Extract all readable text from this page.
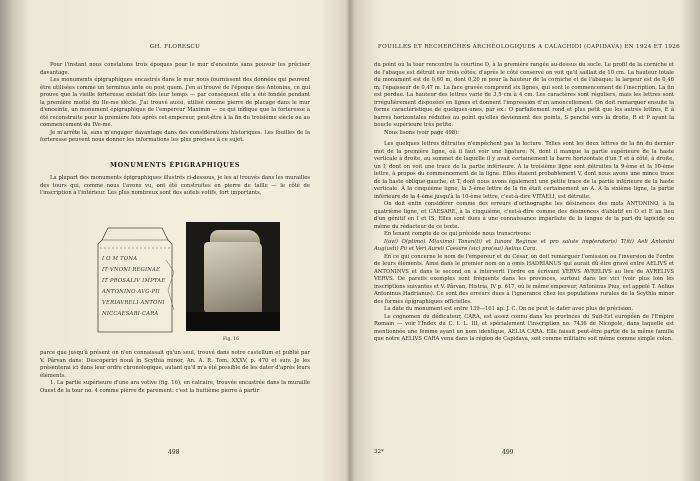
GH. FLORESCU

Pour l'instant nous constatons trois époques pour le mur d'enceinte sans pouvoir les préciser davantage.

Les monuments épigraphiques encastrés dans le mur nous fournissent des données qui peuvent être utilisées comme un terminus ante ou post quem. J'en ai trouvé de l'époque des Antonins, ce qui prouve que la vieille forteresse existait dès leur temps — par conséquent elle a été fondée pendant la première moitié du IIe-me siècle. J'ai trouvé aussi, utilisé comme pierre de placage dans le mur d'enceinte, un monument épigraphique de l'empereur Maximin — ce qui indique que la forteresse a été reconstruite pour la première fois après cet empereur, peut-être à la fin du troisième siècle ou au commencement du IVe-me.

Je m'arrête là, sans m'engager davantage dans des considérations historiques. Les fouilles de la forteresse peuvent nous donner les informations les plus précises à ce sujet.

MONUMENTS ÉPIGRAPHIQUES

La plupart des monuments épigraphiques illustrés ci-dessous, je les ai trouvés dans les murailles des tours qui, comme nous l'avons vu, ont été construites en pierre de taille — le côté de l'inscription à l'intérieur. Les plus nombreux sont des autels votifs, fort importants,

I O M TONA
IT·VNONI REGINAE
IT PROSALIV IMPTAE
ANTONINO·AVG·PII
VERIAVRELI·ANTONI
NICCAESARI·CARA
Fig. 16

parce que jusqu'à présent on n'en connaissait qu'un seul, trouvé dans notre castellum et publié par V. Pârvan dans: Descoperiri nouă în Scythia minor, An. A. R. Tom. XXXV, p. 470 et suiv. Je les présenterai ici dans leur ordre chronologique, autant qu'il m'a été possible de les dater d'après leurs éléments.

1. La partie supérieure d'une ara votive (fig. 16), en calcaire, trouvée encastrée dans la muraille Ouest de la tour no. 4 comme pierre de parement: c'est la huitième pierre à partir

498
FOUILLES ET RECHERCHES ARCHÉOLOGIQUES A CALACHIOI (CAPIDAVA) EN 1924 ET 1926

du point où la tour rencontre la courtine D, à la première rangée au-dessus du socle. Le profil de la corniche et de l'abaque est détruit sur trois côtés; d'après le côté conservé on voit qu'il saillait de 10 cm. La hauteur totale du monument est de 0,60 m, dont 0,20 m pour la hauteur de la corniche et de l'abaque; la largeur est de 0,46 m; l'épaisseur de 0,47 m. La face gravée comprend six lignes, qui sont le commencement de l'inscription. La fin est perdue. La hauteur des lettres varie de 3,5 cm à 4 cm. Les caractères sont réguliers, mais les lettres sont irrégulièrement disposées en lignes et donnent l'impression d'un amoncellement. On doit remarquer ensuite la forme caractéristique de quelques-unes, par ex.: O parfaitement rond et plus petit que les autres lettres, E à barres horizontales réduites au point qu'elles deviennent des points, S penché vers la droite, R et P ayant la boucle supérieure très petite.

Nous lisons (voir page 498):

Les quelques lettres détruites n'empêchent pas la lecture. Telles sont les deux lettres de la fin du dernier mot de la première ligne, où il faut voir une ligature: N, dont il manque la partie supérieure de la haste verticale à droite, au sommet de laquelle il y avait certainement la barre horizontale d'un T et à côté, à droite, un I, dont on voit une trace de la partie inférieure. À la troisième ligne sont détruites la 9-ème et la 10-ème lettre, à propos du commencement de la ligne. Elles étaient probablement V, dont nous avons une mince trace de la haste oblique gauche, et T, dont nous avons également une petite trace de la partie inférieure de la haste verticale. À la cinquième ligne, la 3-ème lettre de la fin était certainement un A. À la sixième ligne, la partie inférieure de la 4-ème jusqu'à la 10-ème lettre, c'est-à-dire VITAELI, est détruite.

On doit enfin considérer comme des erreurs d'orthographe les désinences des mots ANTONINO, à la quatrième ligne, et CAESARE, à la cinquième, c'est-à-dire comme des désinences d'ablatif en O et E au lieu d'un génitif en I et IS. Elles sont dues à une connaissance imparfaite de la langue de la part du lapicide ou même du rédacteur de ce texte.

En tenant compte de ce qui précède nous transcrivons:

I(ovi) O(ptimo) M(aximo) Tonan(ti) et Iunoni Reginae et pro salute imp(eratoris) T(iti) Aeli Antonini Aug(usti) Pii et Veri Aureli Caesare (sic) pro(sui) Aelius Cara.

En ce qui concerne le nom de l'empereur et du César, on doit remarquer l'omission ou l'inversion de l'ordre de leurs éléments. Ainsi dans le premier nom on a omis HADRIANUS qui aurait dû être gravé entre AELIVS et ANTONINVS et dans le second on a interverti l'ordre en écrivant VERVS AVRELIVS au lieu de AVRELIVS VERVS. De pareils exemples sont fréquents dans les provinces, surtout dans les vici (voir plus loin les inscriptions suivantes et V. Pârvan, Histria, IV p. 617, où le même empereur, Antoninus Pius, est appelé T. Aelius Antoninus Hadrianus). Ce sont des erreurs dues à l'ignorance chez les populations rurales de la Scythia minor des formes épigraphiques officielles.

La date du monument est entre 139—161 ap. J. C. On ne peut le dater avec plus de précision.

Le cognomen du dédicateur, CARA, est assez connu dans les provinces du Sud-Est européen de l'Empire Romain — voir l'Index du C. I. L. III, et spécialement l'inscription no. 7436 de Nicopole, dans laquelle est mentionnée une femme ayant un nom identique, AELIA CARA. Elle faisait peut-être partie de la même famille que notre AELIVS CARA venu dans la région de Capidava, soit comme militaire soit même comme simple colon.

32*	499
